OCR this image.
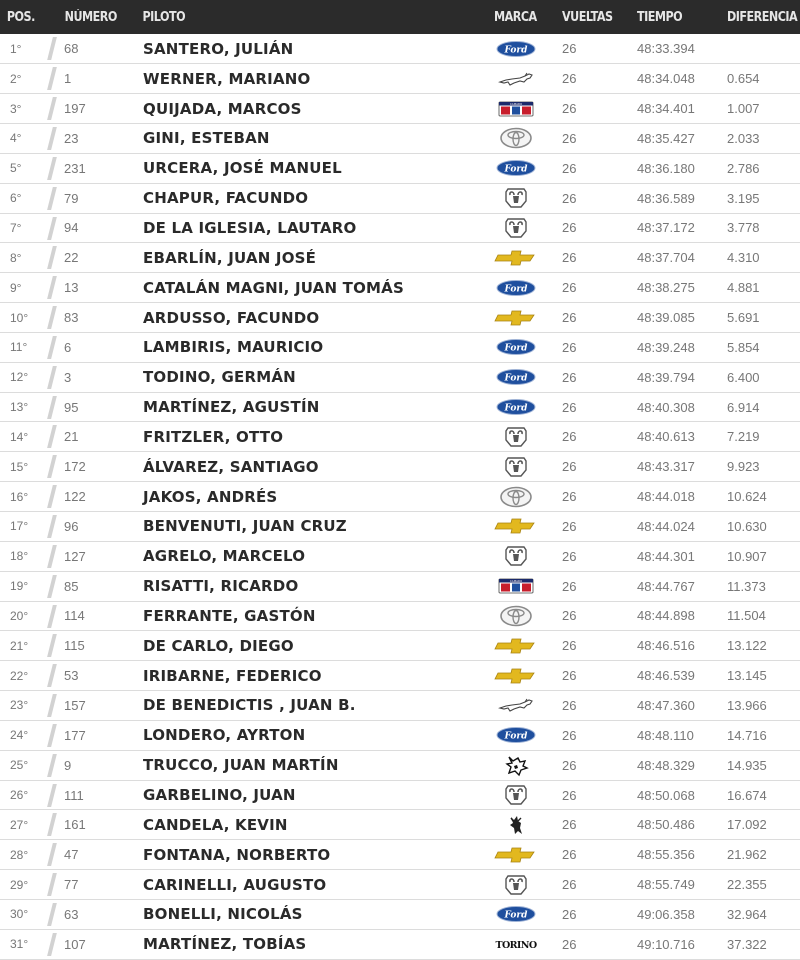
POS.	NÚMERO	PILOTO	MARCA	VUELTAS	TIEMPO	DIFERENCIA
1°	68	SANTERO, JULIÁN	Ford	26	48:33.394	
2°	1	WERNER, MARIANO		26	48:34.048	0.654
3°	197	QUIJADA, MARCOS	CAMARO	26	48:34.401	1.007
4°	23	GINI, ESTEBAN		26	48:35.427	2.033
5°	231	URCERA, JOSÉ MANUEL	Ford	26	48:36.180	2.786
6°	79	CHAPUR, FACUNDO		26	48:36.589	3.195
7°	94	DE LA IGLESIA, LAUTARO		26	48:37.172	3.778
8°	22	EBARLÍN, JUAN JOSÉ		26	48:37.704	4.310
9°	13	CATALÁN MAGNI, JUAN TOMÁS	Ford	26	48:38.275	4.881
10°	83	ARDUSSO, FACUNDO		26	48:39.085	5.691
11°	6	LAMBIRIS, MAURICIO	Ford	26	48:39.248	5.854
12°	3	TODINO, GERMÁN	Ford	26	48:39.794	6.400
13°	95	MARTÍNEZ, AGUSTÍN	Ford	26	48:40.308	6.914
14°	21	FRITZLER, OTTO		26	48:40.613	7.219
15°	172	ÁLVAREZ, SANTIAGO		26	48:43.317	9.923
16°	122	JAKOS, ANDRÉS		26	48:44.018	10.624
17°	96	BENVENUTI, JUAN CRUZ		26	48:44.024	10.630
18°	127	AGRELO, MARCELO		26	48:44.301	10.907
19°	85	RISATTI, RICARDO	CAMARO	26	48:44.767	11.373
20°	114	FERRANTE, GASTÓN		26	48:44.898	11.504
21°	115	DE CARLO, DIEGO		26	48:46.516	13.122
22°	53	IRIBARNE, FEDERICO		26	48:46.539	13.145
23°	157	DE BENEDICTIS , JUAN B.		26	48:47.360	13.966
24°	177	LONDERO, AYRTON	Ford	26	48:48.110	14.716
25°	9	TRUCCO, JUAN MARTÍN		26	48:48.329	14.935
26°	111	GARBELINO, JUAN		26	48:50.068	16.674
27°	161	CANDELA, KEVIN		26	48:50.486	17.092
28°	47	FONTANA, NORBERTO		26	48:55.356	21.962
29°	77	CARINELLI, AUGUSTO		26	48:55.749	22.355
30°	63	BONELLI, NICOLÁS	Ford	26	49:06.358	32.964
31°	107	MARTÍNEZ, TOBÍAS	TORINO	26	49:10.716	37.322
